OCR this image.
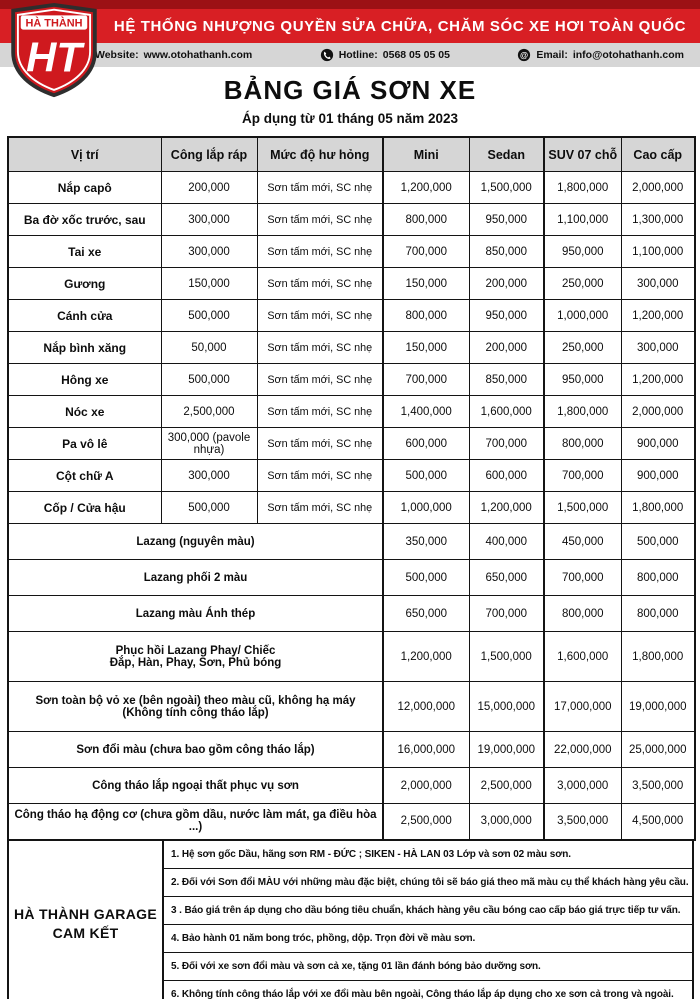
HỆ THỐNG NHƯỢNG QUYỀN SỬA CHỮA, CHĂM SÓC XE HƠI TOÀN QUỐC
Website: www.otohathanh.com	Hotline: 0568 05 05 05	@ Email: info@otohathanh.com
HÀ THÀNH
HT
BẢNG GIÁ SƠN XE
Áp dụng từ 01 tháng 05 năm 2023
Vị trí	Công lắp ráp	Mức độ hư hỏng	Mini	Sedan	SUV 07 chỗ	Cao cấp
Nắp capô	200,000	Sơn tấm mới, SC nhẹ	1,200,000	1,500,000	1,800,000	2,000,000
Ba đờ xốc trước, sau	300,000	Sơn tấm mới, SC nhẹ	800,000	950,000	1,100,000	1,300,000
Tai xe	300,000	Sơn tấm mới, SC nhẹ	700,000	850,000	950,000	1,100,000
Gương	150,000	Sơn tấm mới, SC nhẹ	150,000	200,000	250,000	300,000
Cánh cửa	500,000	Sơn tấm mới, SC nhẹ	800,000	950,000	1,000,000	1,200,000
Nắp bình xăng	50,000	Sơn tấm mới, SC nhẹ	150,000	200,000	250,000	300,000
Hông xe	500,000	Sơn tấm mới, SC nhẹ	700,000	850,000	950,000	1,200,000
Nóc xe	2,500,000	Sơn tấm mới, SC nhẹ	1,400,000	1,600,000	1,800,000	2,000,000
Pa vô lê	300,000 (pavole nhựa)	Sơn tấm mới, SC nhẹ	600,000	700,000	800,000	900,000
Cột chữ A	300,000	Sơn tấm mới, SC nhẹ	500,000	600,000	700,000	900,000
Cốp / Cửa hậu	500,000	Sơn tấm mới, SC nhẹ	1,000,000	1,200,000	1,500,000	1,800,000

Lazang (nguyên màu)			350,000	400,000	450,000	500,000

Lazang phối 2 màu			500,000	650,000	700,000	800,000

Lazang màu Ánh thép			650,000	700,000	800,000	800,000

Phục hồi Lazang Phay/ Chiếc
Đắp, Hàn, Phay, Sơn, Phủ bóng			1,200,000	1,500,000	1,600,000	1,800,000

Sơn toàn bộ vỏ xe (bên ngoài) theo màu cũ, không hạ máy
(Không tính công tháo lắp)			12,000,000	15,000,000	17,000,000	19,000,000

Sơn đổi màu (chưa bao gồm công tháo lắp)			16,000,000	19,000,000	22,000,000	25,000,000

Công tháo lắp ngoại thất phục vụ sơn			2,000,000	2,500,000	3,000,000	3,500,000

Công tháo hạ động cơ (chưa gồm dầu, nước làm mát, ga điều hòa ...)			2,500,000	3,000,000	3,500,000	4,500,000
HÀ THÀNH GARAGE
CAM KẾT
1. Hệ sơn gốc Dầu, hãng sơn RM - ĐỨC ; SIKEN - HÀ LAN 03 Lớp và sơn 02 màu sơn.
2. Đối với Sơn đổi MÀU với những màu đặc biệt, chúng tôi sẽ báo giá theo mã màu cụ thể khách hàng yêu cầu.
3 . Báo giá trên áp dụng cho dầu bóng tiêu chuẩn, khách hàng yêu cầu bóng cao cấp báo giá trực tiếp tư vấn.
4. Bảo hành 01 năm bong tróc, phồng, dộp. Trọn đời về màu sơn.
5. Đối với xe sơn đổi màu và sơn cả xe, tặng 01 lần đánh bóng bảo dưỡng sơn.
6. Không tính công tháo lắp với xe đổi màu bên ngoài, Công tháo lắp áp dụng cho xe sơn cả trong và ngoài.
